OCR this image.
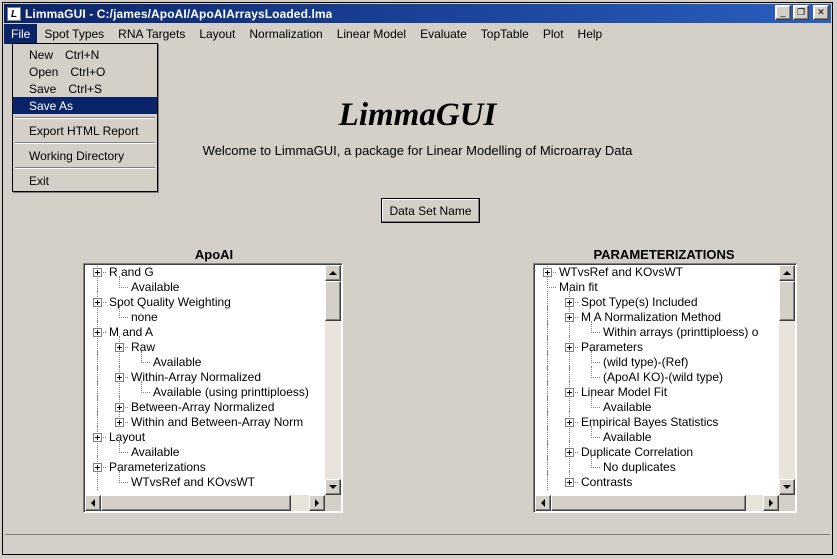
L LimmaGUI - C:/james/ApoAI/ApoAIArraysLoaded.lma	_	❐	✕
File	Spot Types	RNA Targets	Layout	Normalization	Linear Model	Evaluate	TopTable	Plot	Help
LimmaGUI
Welcome to LimmaGUI, a package for Linear Modelling of Microarray Data
Data Set Name
ApoAI
R and G
Available
Spot Quality Weighting
none
M and A
Raw
Available
Within-Array Normalized
Available (using printtiploess)
Between-Array Normalized
Within and Between-Array Norm
Layout
Available
Parameterizations
WTvsRef and KOvsWT
PARAMETERIZATIONS
WTvsRef and KOvsWT
Main fit
Spot Type(s) Included
M A Normalization Method
Within arrays (printtiploess) o
Parameters
(wild type)-(Ref)
(ApoAI KO)-(wild type)
Linear Model Fit
Available
Empirical Bayes Statistics
Available
Duplicate Correlation
No duplicates
Contrasts
New Ctrl+N
Open Ctrl+O
Save Ctrl+S
Save As
Export HTML Report
Working Directory
Exit
